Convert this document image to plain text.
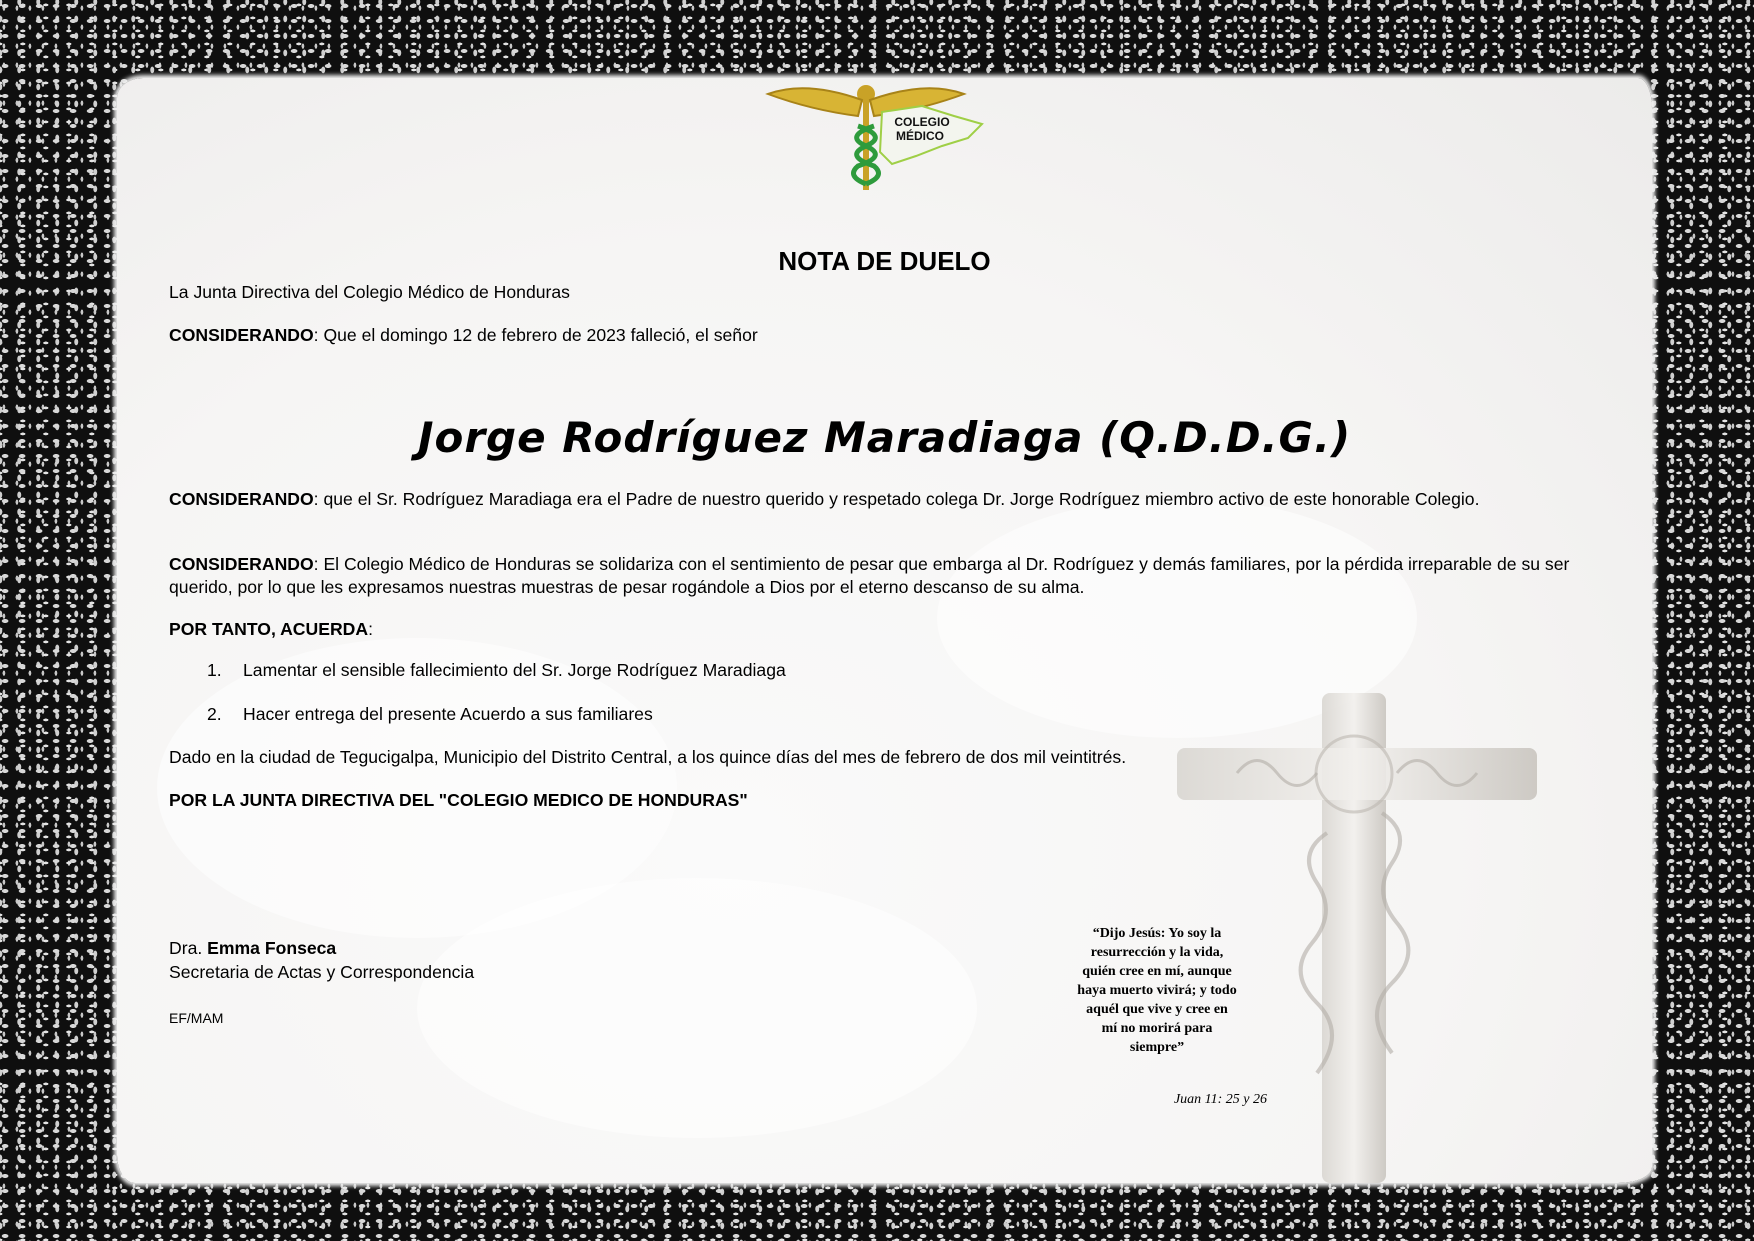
COLEGIO
MÉDICO
NOTA DE DUELO

La Junta Directiva del Colegio Médico de Honduras

CONSIDERANDO: Que el domingo 12 de febrero de 2023 falleció, el señor

Jorge Rodríguez Maradiaga (Q.D.D.G.)

CONSIDERANDO: que el Sr. Rodríguez Maradiaga era el Padre de nuestro querido y respetado colega Dr. Jorge Rodríguez miembro activo de este honorable Colegio.

CONSIDERANDO: El Colegio Médico de Honduras se solidariza con el sentimiento de pesar que embarga al Dr. Rodríguez y demás familiares, por la pérdida irreparable de su ser querido, por lo que les expresamos nuestras muestras de pesar rogándole a Dios por el eterno descanso de su alma.

POR TANTO, ACUERDA:

1. Lamentar el sensible fallecimiento del Sr. Jorge Rodríguez Maradiaga

2. Hacer entrega del presente Acuerdo a sus familiares

Dado en la ciudad de Tegucigalpa, Municipio del Distrito Central, a los quince días del mes de febrero de dos mil veintitrés.

POR LA JUNTA DIRECTIVA DEL "COLEGIO MEDICO DE HONDURAS"

“Dijo Jesús: Yo soy la
resurrección y la vida,
quién cree en mí, aunque
haya muerto vivirá; y todo
aquél que vive y cree en
mí no morirá para
siempre”

Juan 11: 25 y 26

Dra. Emma Fonseca

Secretaria de Actas y Correspondencia

EF/MAM
